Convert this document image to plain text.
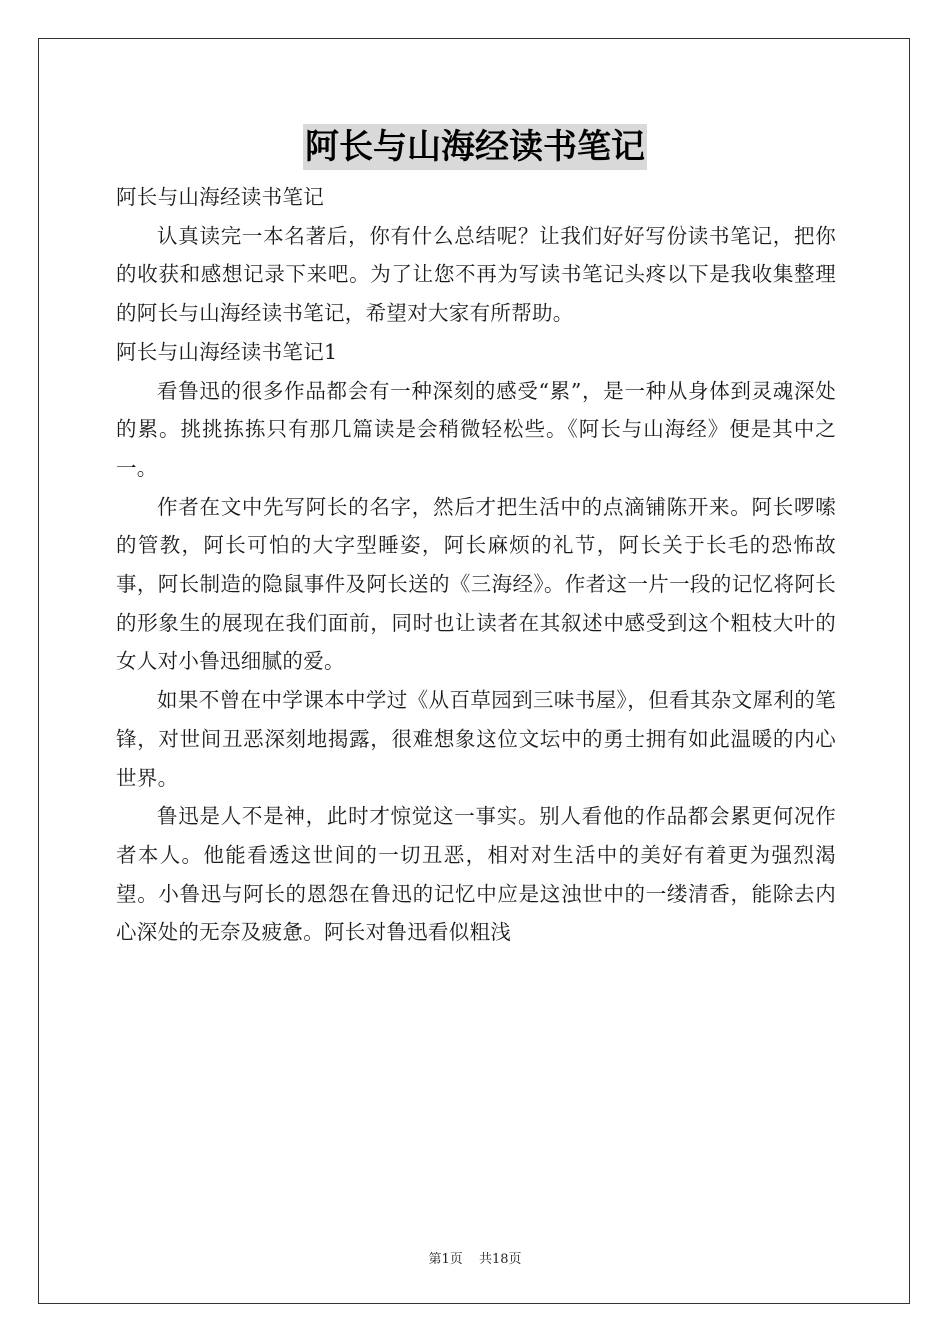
阿长与山海经读书笔记

阿长与山海经读书笔记

认真读完一本名著后，你有什么总结呢？让我们好好写份读书笔记，把你的收获和感想记录下来吧。为了让您不再为写读书笔记头疼以下是我收集整理的阿长与山海经读书笔记，希望对大家有所帮助。

阿长与山海经读书笔记1

看鲁迅的很多作品都会有一种深刻的感受“累”，是一种从身体到灵魂深处的累。挑挑拣拣只有那几篇读是会稍微轻松些。《阿长与山海经》便是其中之一。

作者在文中先写阿长的名字，然后才把生活中的点滴铺陈开来。阿长啰嗦的管教，阿长可怕的大字型睡姿，阿长麻烦的礼节，阿长关于长毛的恐怖故事，阿长制造的隐鼠事件及阿长送的《三海经》。作者这一片一段的记忆将阿长的形象生的展现在我们面前，同时也让读者在其叙述中感受到这个粗枝大叶的女人对小鲁迅细腻的爱。

如果不曾在中学课本中学过《从百草园到三味书屋》，但看其杂文犀利的笔锋，对世间丑恶深刻地揭露，很难想象这位文坛中的勇士拥有如此温暖的内心世界。

鲁迅是人不是神，此时才惊觉这一事实。别人看他的作品都会累更何况作者本人。他能看透这世间的一切丑恶，相对对生活中的美好有着更为强烈渴望。小鲁迅与阿长的恩怨在鲁迅的记忆中应是这浊世中的一缕清香，能除去内心深处的无奈及疲惫。阿长对鲁迅看似粗浅

第1页 共18页
